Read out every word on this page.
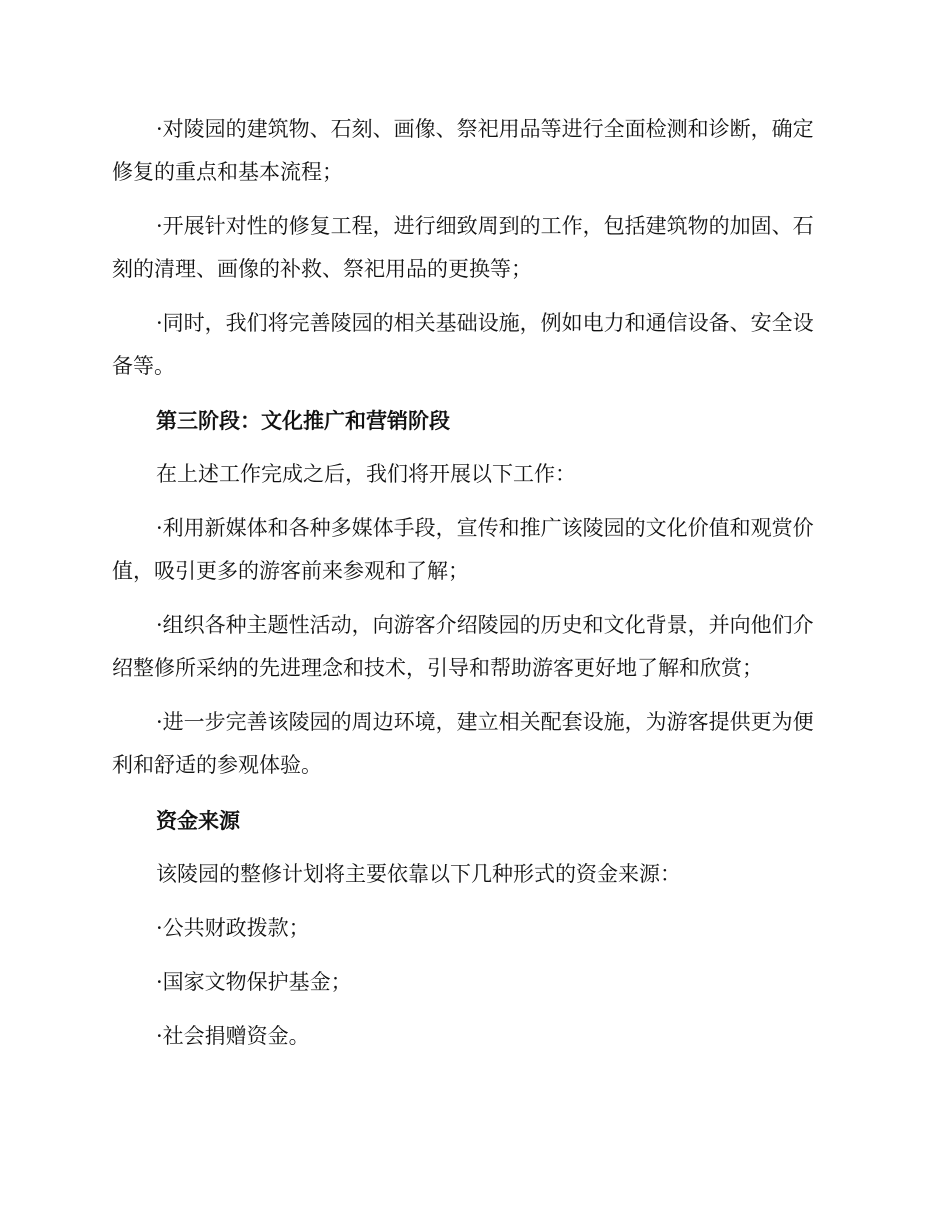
·对陵园的建筑物、石刻、画像、祭祀用品等进行全面检测和诊断，确定修复的重点和基本流程；

·开展针对性的修复工程，进行细致周到的工作，包括建筑物的加固、石刻的清理、画像的补救、祭祀用品的更换等；

·同时，我们将完善陵园的相关基础设施，例如电力和通信设备、安全设备等。

第三阶段：文化推广和营销阶段

在上述工作完成之后，我们将开展以下工作：

·利用新媒体和各种多媒体手段，宣传和推广该陵园的文化价值和观赏价值，吸引更多的游客前来参观和了解；

·组织各种主题性活动，向游客介绍陵园的历史和文化背景，并向他们介绍整修所采纳的先进理念和技术，引导和帮助游客更好地了解和欣赏；

·进一步完善该陵园的周边环境，建立相关配套设施，为游客提供更为便利和舒适的参观体验。

资金来源

该陵园的整修计划将主要依靠以下几种形式的资金来源：

·公共财政拨款；

·国家文物保护基金；

·社会捐赠资金。
